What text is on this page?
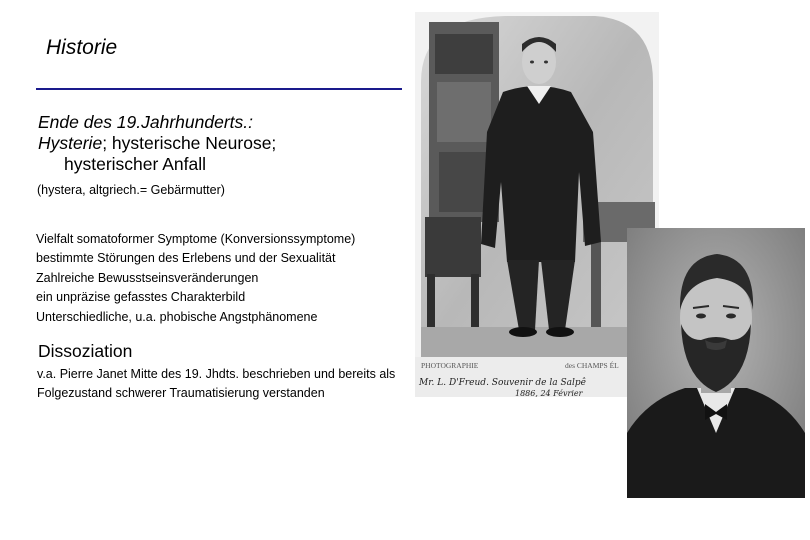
Historie
Ende des 19.Jahrhunderts.:
Hysterie; hysterische Neurose;
hysterischer Anfall
(hystera, altgriech.= Gebärmutter)
Vielfalt somatoformer Symptome (Konversionssymptome)
bestimmte Störungen des Erlebens und der Sexualität
Zahlreiche Bewusstseinsveränderungen
ein unpräzise gefasstes Charakterbild
Unterschiedliche, u.a. phobische Angstphänomene
Dissoziation
v.a. Pierre Janet Mitte des 19. Jhdts. beschrieben und bereits als Folgezustand schwerer Traumatisierung verstanden
PHOTOGRAPHIE	des CHAMPS ÉL
Mr. L. D'Freud. Souvenir de la Salpê
1886, 24 Février
